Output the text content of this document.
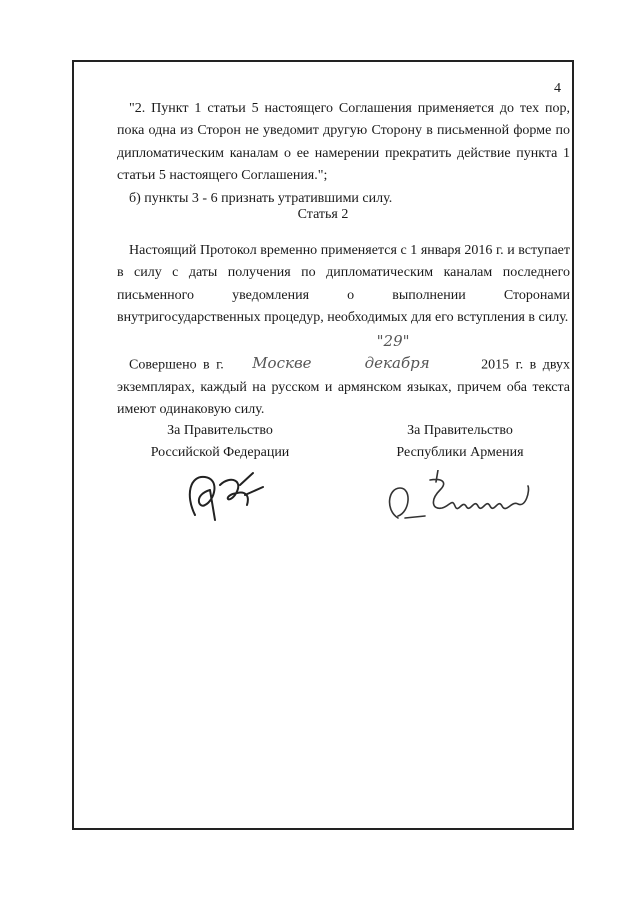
4

"2. Пункт 1 статьи 5 настоящего Соглашения применяется до тех пор, пока одна из Сторон не уведомит другую Сторону в письменной форме по дипломатическим каналам о ее намерении прекратить действие пункта 1 статьи 5 настоящего Соглашения.";

б) пункты 3 - 6 признать утратившими силу.

Статья 2

Настоящий Протокол временно применяется с 1 января 2016 г. и вступает в силу с даты получения по дипломатическим каналам последнего письменного уведомления о выполнении Сторонами внутригосударственных процедур, необходимых для его вступления в силу.

Совершено в г. Москве "29" декабря	2015 г. в двух экземплярах, каждый на русском и армянском языках, причем оба текста имеют одинаковую силу.

За Правительство
Российской Федерации
За Правительство
Республики Армения
